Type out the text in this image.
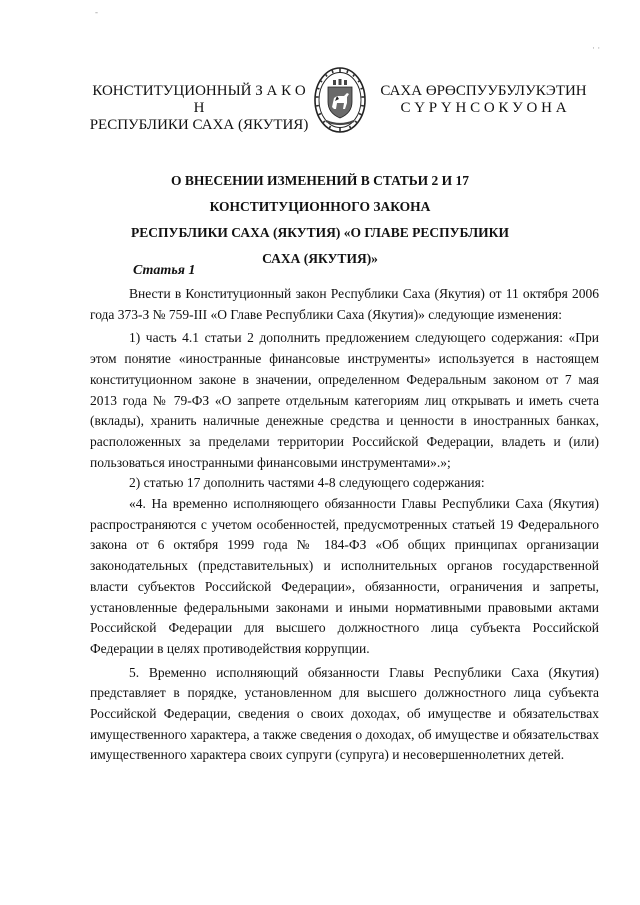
-
· ·
КОНСТИТУЦИОННЫЙ З А К О Н
РЕСПУБЛИКИ САХА (ЯКУТИЯ)
САХА ӨРӨСПУУБУЛУКЭТИН
С Ү Р Ү Н С О К У О Н А
О ВНЕСЕНИИ ИЗМЕНЕНИЙ В СТАТЬИ 2 И 17 КОНСТИТУЦИОННОГО ЗАКОНА
РЕСПУБЛИКИ САХА (ЯКУТИЯ) «О ГЛАВЕ РЕСПУБЛИКИ САХА (ЯКУТИЯ)»
Статья 1

Внести в Конституционный закон Республики Саха (Якутия) от 11 октября 2006 года 373-З № 759-III «О Главе Республики Саха (Якутия)» следующие изменения:

1) часть 4.1 статьи 2 дополнить предложением следующего содержания: «При этом понятие «иностранные финансовые инструменты» используется в настоящем конституционном законе в значении, определенном Федеральным законом от 7 мая 2013 года № 79-ФЗ «О запрете отдельным категориям лиц открывать и иметь счета (вклады), хранить наличные денежные средства и ценности в иностранных банках, расположенных за пределами территории Российской Федерации, владеть и (или) пользоваться иностранными финансовыми инструментами».»;

2) статью 17 дополнить частями 4-8 следующего содержания:

«4. На временно исполняющего обязанности Главы Республики Саха (Якутия) распространяются с учетом особенностей, предусмотренных статьей 19 Федерального закона от 6 октября 1999 года № 184-ФЗ «Об общих принципах организации законодательных (представительных) и исполнительных органов государственной власти субъектов Российской Федерации», обязанности, ограничения и запреты, установленные федеральными законами и иными нормативными правовыми актами Российской Федерации для высшего должностного лица субъекта Российской Федерации в целях противодействия коррупции.

5. Временно исполняющий обязанности Главы Республики Саха (Якутия) представляет в порядке, установленном для высшего должностного лица субъекта Российской Федерации, сведения о своих доходах, об имуществе и обязательствах имущественного характера, а также сведения о доходах, об имуществе и обязательствах имущественного характера своих супруги (супруга) и несовершеннолетних детей.
